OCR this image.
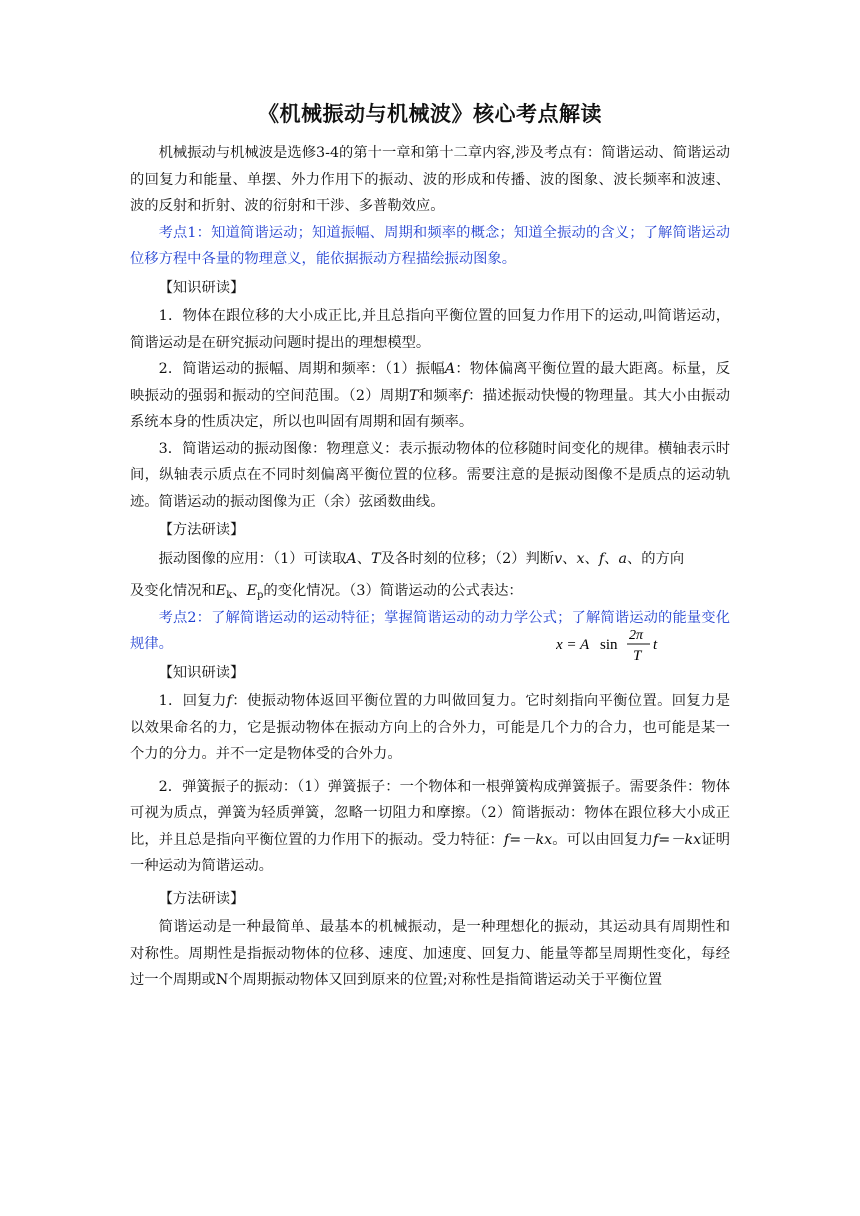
《机械振动与机械波》核心考点解读

机械振动与机械波是选修3-4的第十一章和第十二章内容,涉及考点有：简谐运动、简谐运动的回复力和能量、单摆、外力作用下的振动、波的形成和传播、波的图象、波长频率和波速、波的反射和折射、波的衍射和干涉、多普勒效应。

考点1：知道简谐运动；知道振幅、周期和频率的概念；知道全振动的含义；了解简谐运动位移方程中各量的物理意义，能依据振动方程描绘振动图象。

【知识研读】

1．物体在跟位移的大小成正比,并且总指向平衡位置的回复力作用下的运动,叫简谐运动，简谐运动是在研究振动问题时提出的理想模型。

2．简谐运动的振幅、周期和频率：（1）振幅A：物体偏离平衡位置的最大距离。标量，反映振动的强弱和振动的空间范围。（2）周期T和频率f：描述振动快慢的物理量。其大小由振动系统本身的性质决定，所以也叫固有周期和固有频率。

3．简谐运动的振动图像：物理意义：表示振动物体的位移随时间变化的规律。横轴表示时间，纵轴表示质点在不同时刻偏离平衡位置的位移。需要注意的是振动图像不是质点的运动轨迹。简谐运动的振动图像为正（余）弦函数曲线。

【方法研读】

振动图像的应用：（1）可读取A、T及各时刻的位移；（2）判断v、x、f、a、的方向

及变化情况和$E_k$、$E_p$的变化情况。（3）简谐运动的公式表达：

考点2：了解简谐运动的运动特征；掌握简谐运动的动力学公式；了解简谐运动的能量变化规律。

【知识研读】

1．回复力f：使振动物体返回平衡位置的力叫做回复力。它时刻指向平衡位置。回复力是以效果命名的力，它是振动物体在振动方向上的合外力，可能是几个力的合力，也可能是某一个力的分力。并不一定是物体受的合外力。

2．弹簧振子的振动：（1）弹簧振子：一个物体和一根弹簧构成弹簧振子。需要条件：物体可视为质点，弹簧为轻质弹簧，忽略一切阻力和摩擦。（2）简谐振动：物体在跟位移大小成正比，并且总是指向平衡位置的力作用下的振动。受力特征：f=－kx。可以由回复力f=－kx证明一种运动为简谐运动。

【方法研读】

简谐运动是一种最简单、最基本的机械振动，是一种理想化的振动，其运动具有周期性和对称性。周期性是指振动物体的位移、速度、加速度、回复力、能量等都呈周期性变化，每经过一个周期或N个周期振动物体又回到原来的位置;对称性是指简谐运动关于平衡位置

x = A sin
2π
T
t
